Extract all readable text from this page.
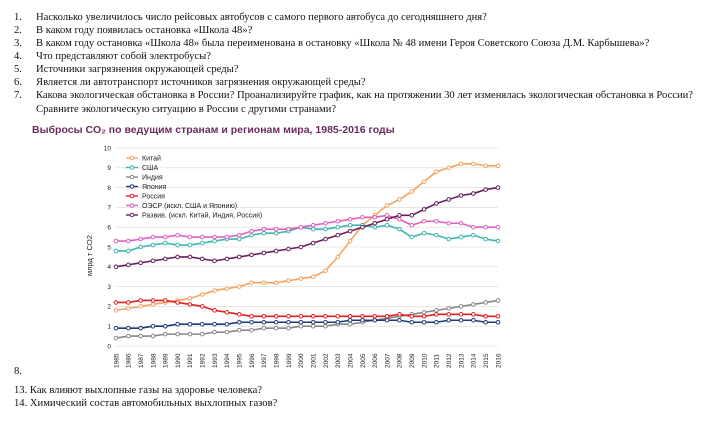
1. Насколько увеличилось число рейсовых автобусов с самого первого автобуса до сегодняшнего дня?
2. В каком году появилась остановка «Школа 48»?
3. В каком году остановка «Школа 48» была переименована в остановку «Школа № 48 имени Героя Советского Союза Д.М. Карбышева»?
4. Что представляют собой электробусы?
5. Источники загрязнения окружающей среды?
6. Является ли автотранспорт источников загрязнения окружающей среды?
7. Какова экологическая обстановка в России? Проанализируйте график, как на протяжении 30 лет изменялась экологическая обстановка в России?
Сравните экологическую ситуацию в России с другими странами?
Выбросы CO₂ по ведущим странам и регионам мира, 1985-2016 годы
0
1
2
3
4
5
6
7
8
9
10
1985 1986 1987 1988 1989 1990 1991 1992 1993 1994 1995 1996 1997 1998 1999 2000 2001 2002 2003 2004 2005 2006 2007 2008 2009 2010 2011 2012 2013 2014 2015 2016
млрд т CO2
Китай
США
Индия
Япония
Россия
ОЭСР (искл. США и Японию)
Развив. (искл. Китай, Индия, Россия)
8.
13. Как влияют выхлопные газы на здоровье человека?
14. Химический состав автомобильных выхлопных газов?
